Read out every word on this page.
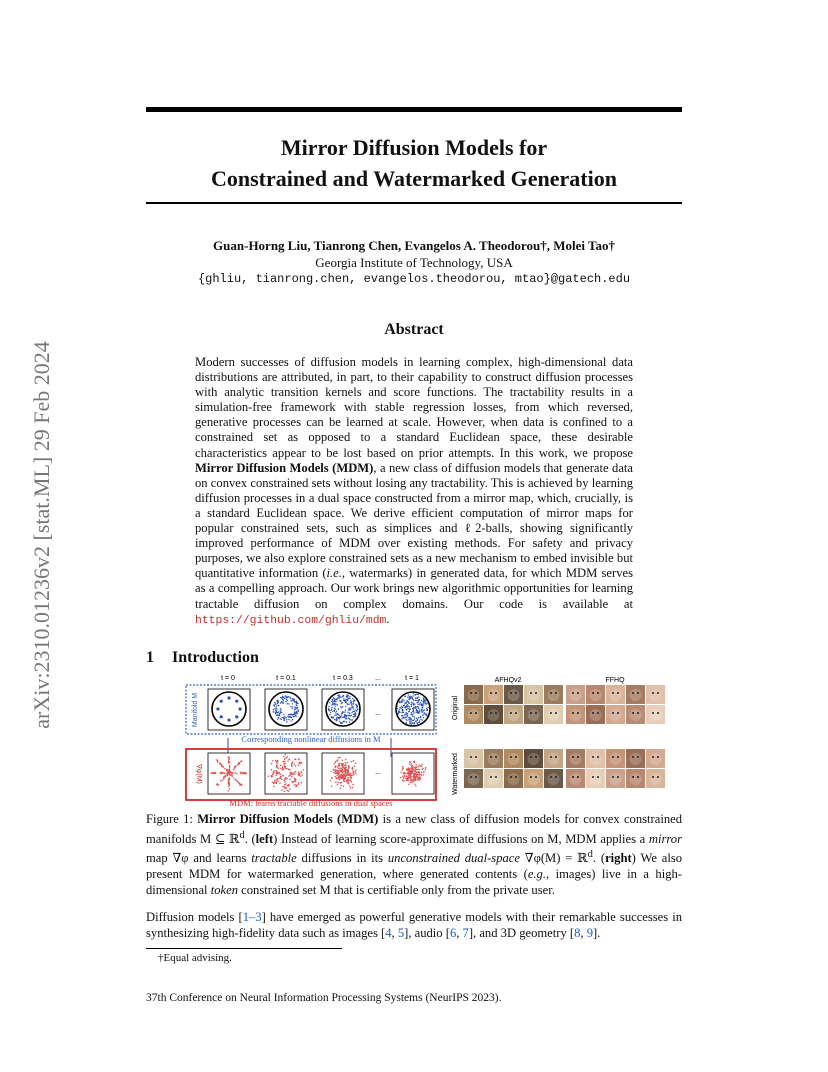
arXiv:2310.01236v2 [stat.ML] 29 Feb 2024
Mirror Diffusion Models for
Constrained and Watermarked Generation
Guan-Horng Liu, Tianrong Chen, Evangelos A. Theodorou†, Molei Tao†
Georgia Institute of Technology, USA
{ghliu, tianrong.chen, evangelos.theodorou, mtao}@gatech.edu
Abstract
Modern successes of diffusion models in learning complex, high-dimensional data distributions are attributed, in part, to their capability to construct diffusion processes with analytic transition kernels and score functions. The tractability results in a simulation-free framework with stable regression losses, from which reversed, generative processes can be learned at scale. However, when data is confined to a constrained set as opposed to a standard Euclidean space, these desirable characteristics appear to be lost based on prior attempts. In this work, we propose Mirror Diffusion Models (MDM), a new class of diffusion models that generate data on convex constrained sets without losing any tractability. This is achieved by learning diffusion processes in a dual space constructed from a mirror map, which, crucially, is a standard Euclidean space. We derive efficient computation of mirror maps for popular constrained sets, such as simplices and ℓ2-balls, showing significantly improved performance of MDM over existing methods. For safety and privacy purposes, we also explore constrained sets as a new mechanism to embed invisible but quantitative information (i.e., watermarks) in generated data, for which MDM serves as a compelling approach. Our work brings new algorithmic opportunities for learning tractable diffusion on complex domains. Our code is available at https://github.com/ghliu/mdm.
1 Introduction
t = 0	t = 0.1	t = 0.3	...	t = 1
Manifold M	...
Corresponding nonlinear diffusions in M
∇φ(M)	...
MDM: learns tractable diffusions in dual spaces
AFHQv2	FFHQ
Original
Watermarked
Figure 1: Mirror Diffusion Models (MDM) is a new class of diffusion models for convex constrained manifolds M ⊆ ℝ$^d$. (left) Instead of learning score-approximate diffusions on M, MDM applies a mirror map ∇φ and learns tractable diffusions in its unconstrained dual-space ∇φ(M) = ℝ$^d$. (right) We also present MDM for watermarked generation, where generated contents (e.g., images) live in a high-dimensional token constrained set M that is certifiable only from the private user.
Diffusion models [1–3] have emerged as powerful generative models with their remarkable successes in synthesizing high-fidelity data such as images [4, 5], audio [6, 7], and 3D geometry [8, 9].
†Equal advising.
37th Conference on Neural Information Processing Systems (NeurIPS 2023).
